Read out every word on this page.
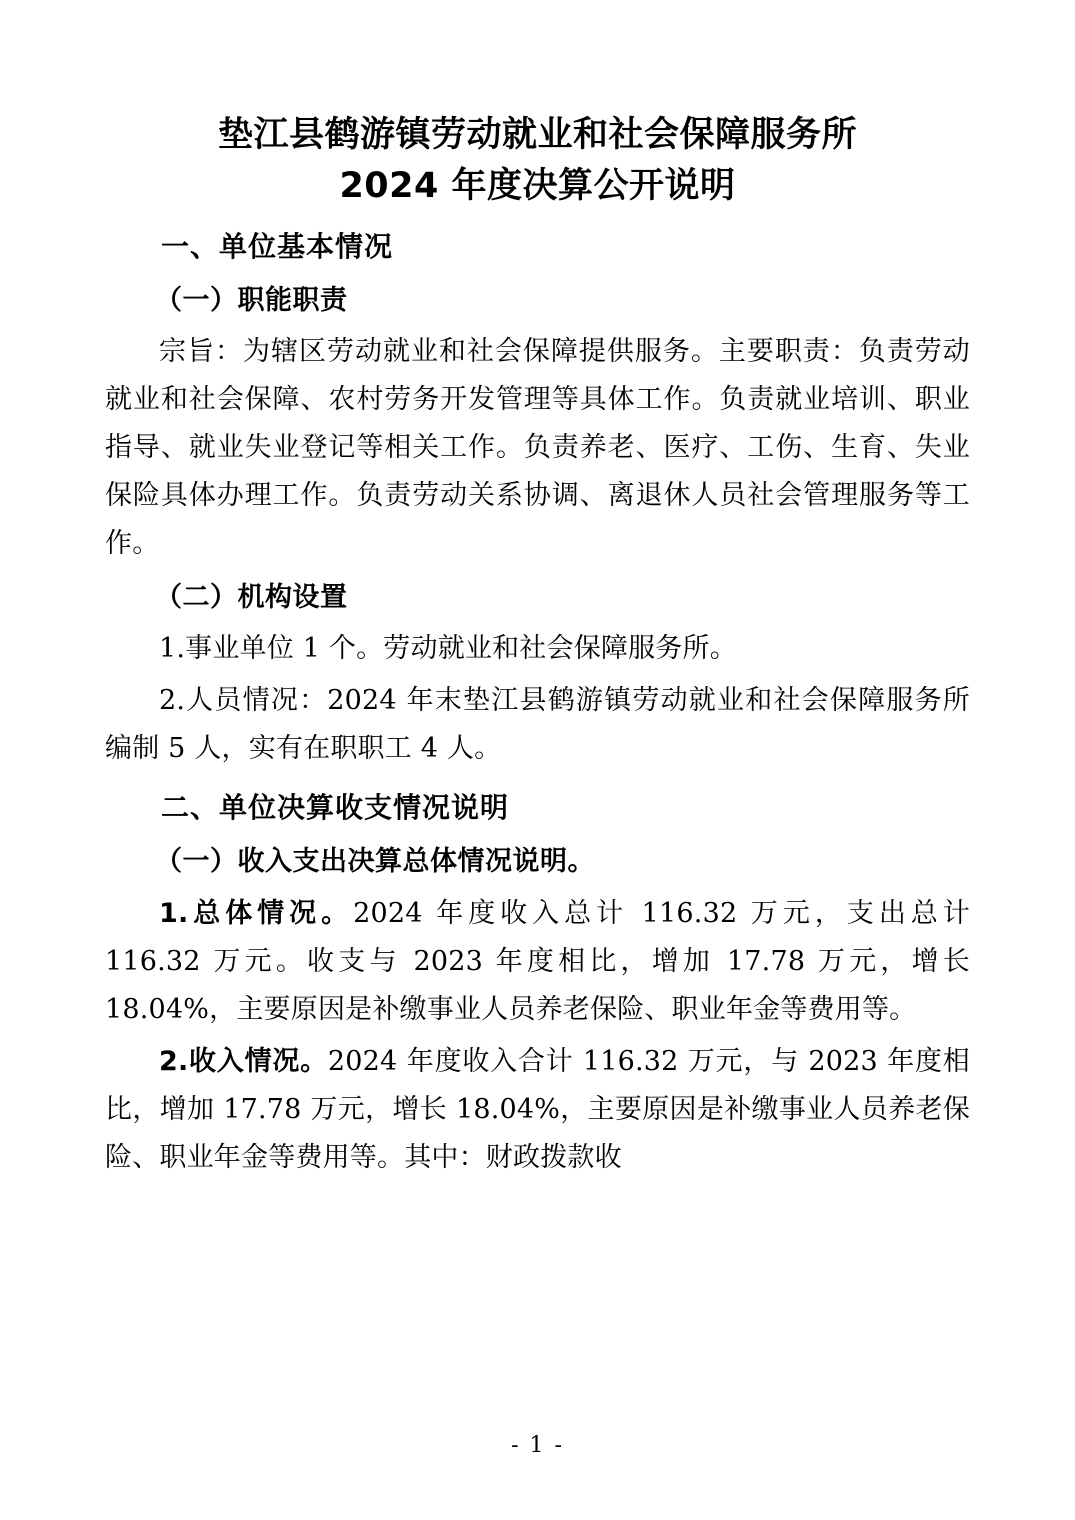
垫江县鹤游镇劳动就业和社会保障服务所
2024 年度决算公开说明
一、单位基本情况
（一）职能职责

宗旨：为辖区劳动就业和社会保障提供服务。主要职责：负责劳动就业和社会保障、农村劳务开发管理等具体工作。负责就业培训、职业指导、就业失业登记等相关工作。负责养老、医疗、工伤、生育、失业保险具体办理工作。负责劳动关系协调、离退休人员社会管理服务等工作。

（二）机构设置

1.事业单位 1 个。劳动就业和社会保障服务所。

2.人员情况：2024 年末垫江县鹤游镇劳动就业和社会保障服务所编制 5 人，实有在职职工 4 人。

二、单位决算收支情况说明
（一）收入支出决算总体情况说明。

1.总体情况。2024 年度收入总计 116.32 万元，支出总计 116.32 万元。收支与 2023 年度相比，增加 17.78 万元，增长 18.04%，主要原因是补缴事业人员养老保险、职业年金等费用等。

2.收入情况。2024 年度收入合计 116.32 万元，与 2023 年度相比，增加 17.78 万元，增长 18.04%，主要原因是补缴事业人员养老保险、职业年金等费用等。其中：财政拨款收

- 1 -
